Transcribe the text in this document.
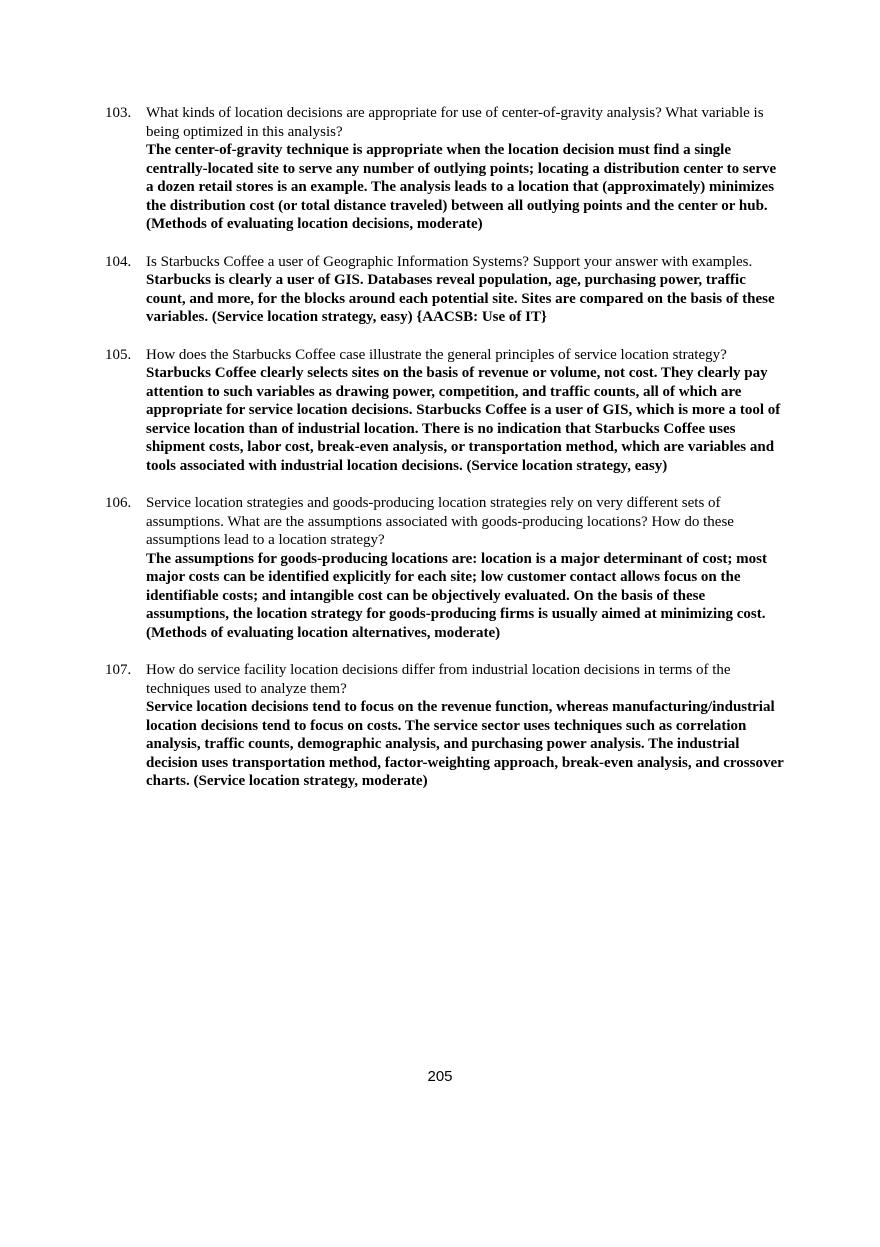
103. What kinds of location decisions are appropriate for use of center-of-gravity analysis? What variable is being optimized in this analysis?

The center-of-gravity technique is appropriate when the location decision must find a single centrally-located site to serve any number of outlying points; locating a distribution center to serve a dozen retail stores is an example. The analysis leads to a location that (approximately) minimizes the distribution cost (or total distance traveled) between all outlying points and the center or hub. (Methods of evaluating location decisions, moderate)

104. Is Starbucks Coffee a user of Geographic Information Systems? Support your answer with examples.

Starbucks is clearly a user of GIS. Databases reveal population, age, purchasing power, traffic count, and more, for the blocks around each potential site. Sites are compared on the basis of these variables. (Service location strategy, easy) {AACSB: Use of IT}

105. How does the Starbucks Coffee case illustrate the general principles of service location strategy?

Starbucks Coffee clearly selects sites on the basis of revenue or volume, not cost. They clearly pay attention to such variables as drawing power, competition, and traffic counts, all of which are appropriate for service location decisions. Starbucks Coffee is a user of GIS, which is more a tool of service location than of industrial location. There is no indication that Starbucks Coffee uses shipment costs, labor cost, break-even analysis, or transportation method, which are variables and tools associated with industrial location decisions. (Service location strategy, easy)

106. Service location strategies and goods-producing location strategies rely on very different sets of assumptions. What are the assumptions associated with goods-producing locations? How do these assumptions lead to a location strategy?

The assumptions for goods-producing locations are: location is a major determinant of cost; most major costs can be identified explicitly for each site; low customer contact allows focus on the identifiable costs; and intangible cost can be objectively evaluated. On the basis of these assumptions, the location strategy for goods-producing firms is usually aimed at minimizing cost. (Methods of evaluating location alternatives, moderate)

107. How do service facility location decisions differ from industrial location decisions in terms of the techniques used to analyze them?

Service location decisions tend to focus on the revenue function, whereas manufacturing/industrial location decisions tend to focus on costs. The service sector uses techniques such as correlation analysis, traffic counts, demographic analysis, and purchasing power analysis. The industrial decision uses transportation method, factor-weighting approach, break-even analysis, and crossover charts. (Service location strategy, moderate)

205
